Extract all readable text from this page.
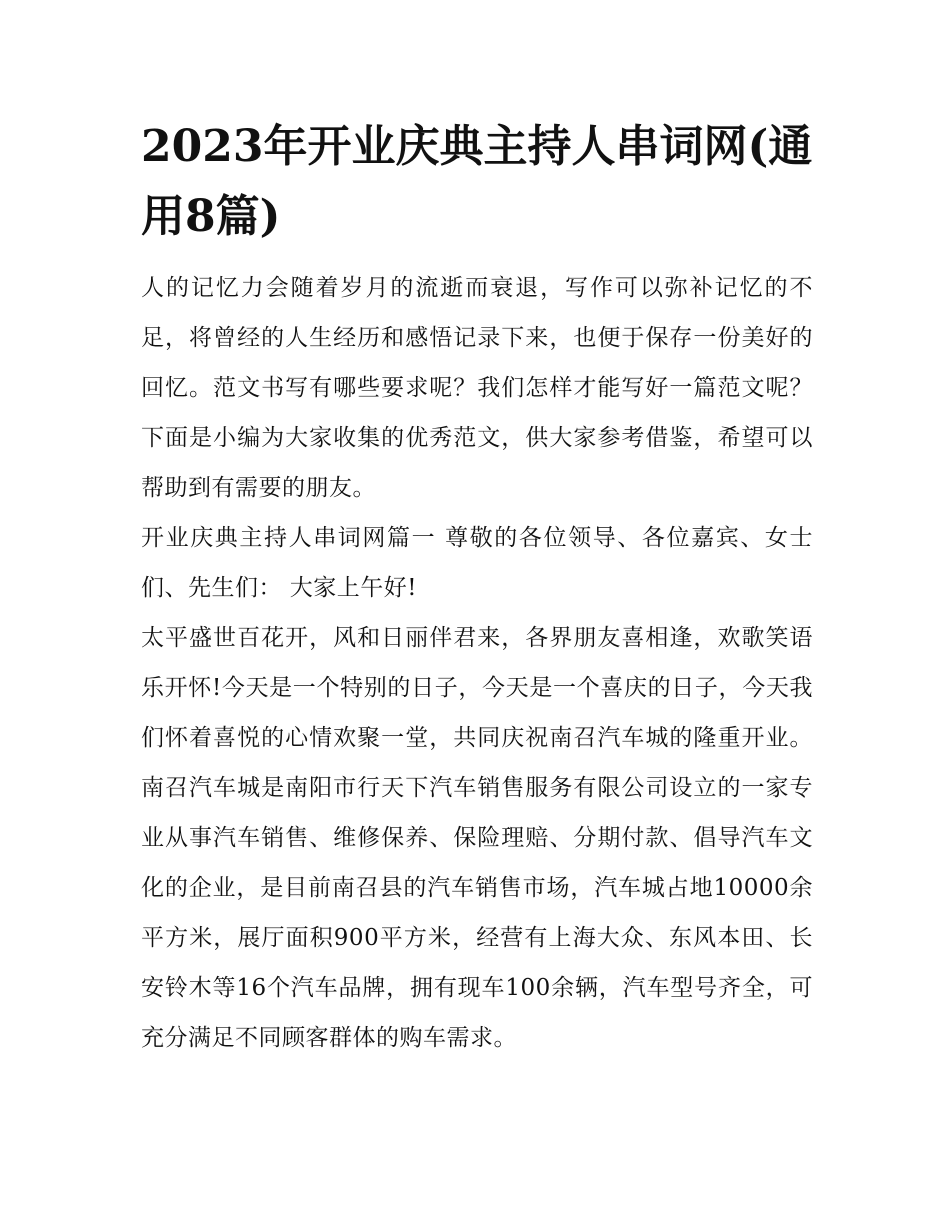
2023年开业庆典主持人串词网(通用8篇)

人的记忆力会随着岁月的流逝而衰退，写作可以弥补记忆的不足，将曾经的人生经历和感悟记录下来，也便于保存一份美好的回忆。范文书写有哪些要求呢？我们怎样才能写好一篇范文呢？下面是小编为大家收集的优秀范文，供大家参考借鉴，希望可以帮助到有需要的朋友。

开业庆典主持人串词网篇一 尊敬的各位领导、各位嘉宾、女士们、先生们： 大家上午好!

太平盛世百花开，风和日丽伴君来，各界朋友喜相逢，欢歌笑语乐开怀!今天是一个特别的日子，今天是一个喜庆的日子，今天我们怀着喜悦的心情欢聚一堂，共同庆祝南召汽车城的隆重开业。南召汽车城是南阳市行天下汽车销售服务有限公司设立的一家专业从事汽车销售、维修保养、保险理赔、分期付款、倡导汽车文化的企业，是目前南召县的汽车销售市场，汽车城占地10000余平方米，展厅面积900平方米，经营有上海大众、东风本田、长安铃木等16个汽车品牌，拥有现车100余辆，汽车型号齐全，可充分满足不同顾客群体的购车需求。
